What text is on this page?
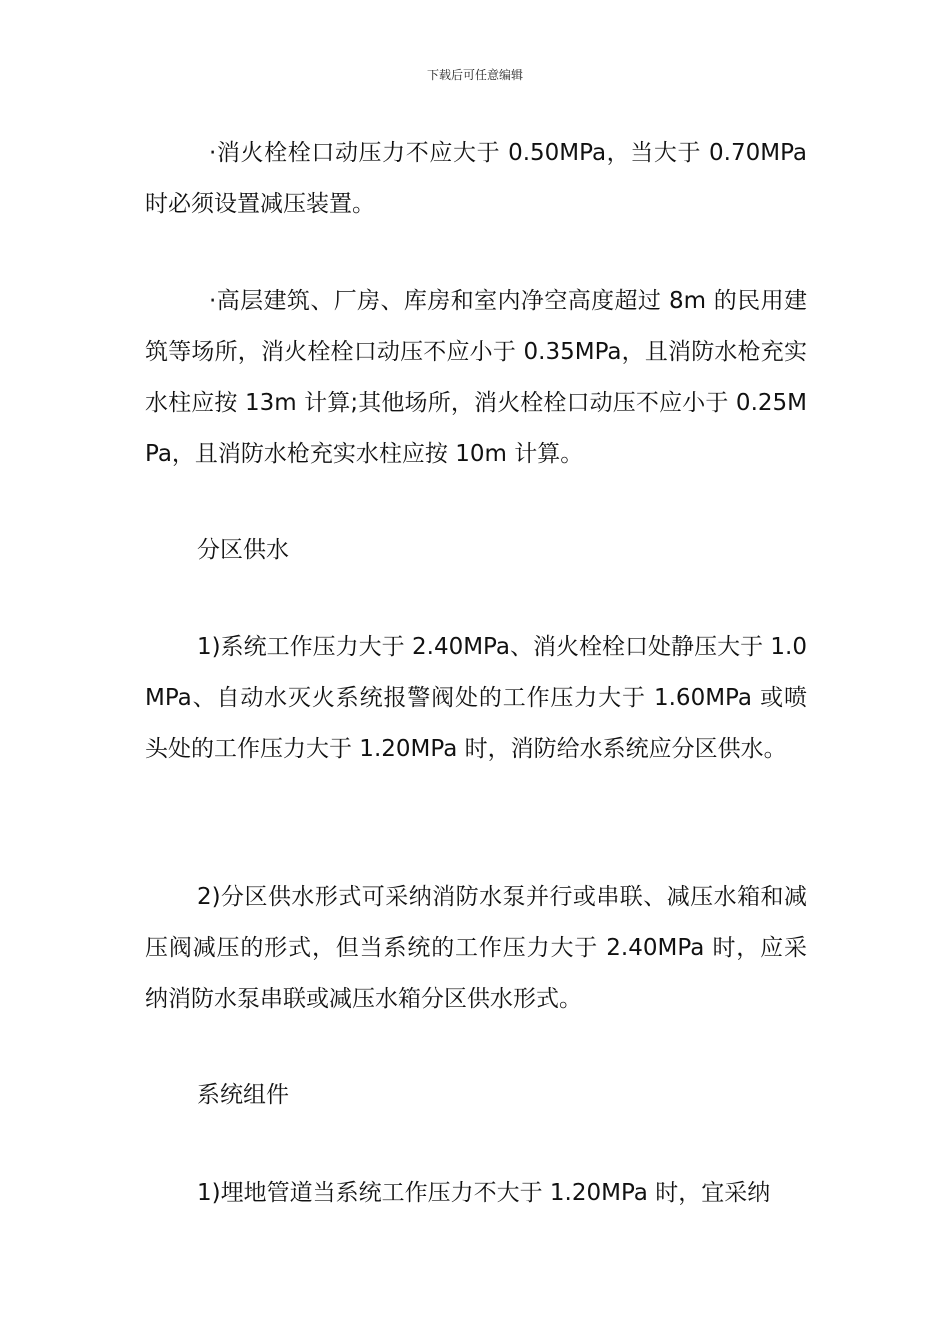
下载后可任意编辑

·消火栓栓口动压力不应大于 0.50MPa，当大于 0.70MPa 时必须设置减压装置。

·高层建筑、厂房、库房和室内净空高度超过 8m 的民用建筑等场所，消火栓栓口动压不应小于 0.35MPa，且消防水枪充实水柱应按 13m 计算;其他场所，消火栓栓口动压不应小于 0.25MPa，且消防水枪充实水柱应按 10m 计算。

分区供水

1)系统工作压力大于 2.40MPa、消火栓栓口处静压大于 1.0MPa、自动水灭火系统报警阀处的工作压力大于 1.60MPa 或喷头处的工作压力大于 1.20MPa 时，消防给水系统应分区供水。

2)分区供水形式可采纳消防水泵并行或串联、减压水箱和减压阀减压的形式，但当系统的工作压力大于 2.40MPa 时，应采纳消防水泵串联或减压水箱分区供水形式。

系统组件

1)埋地管道当系统工作压力不大于 1.20MPa 时，宜采纳
